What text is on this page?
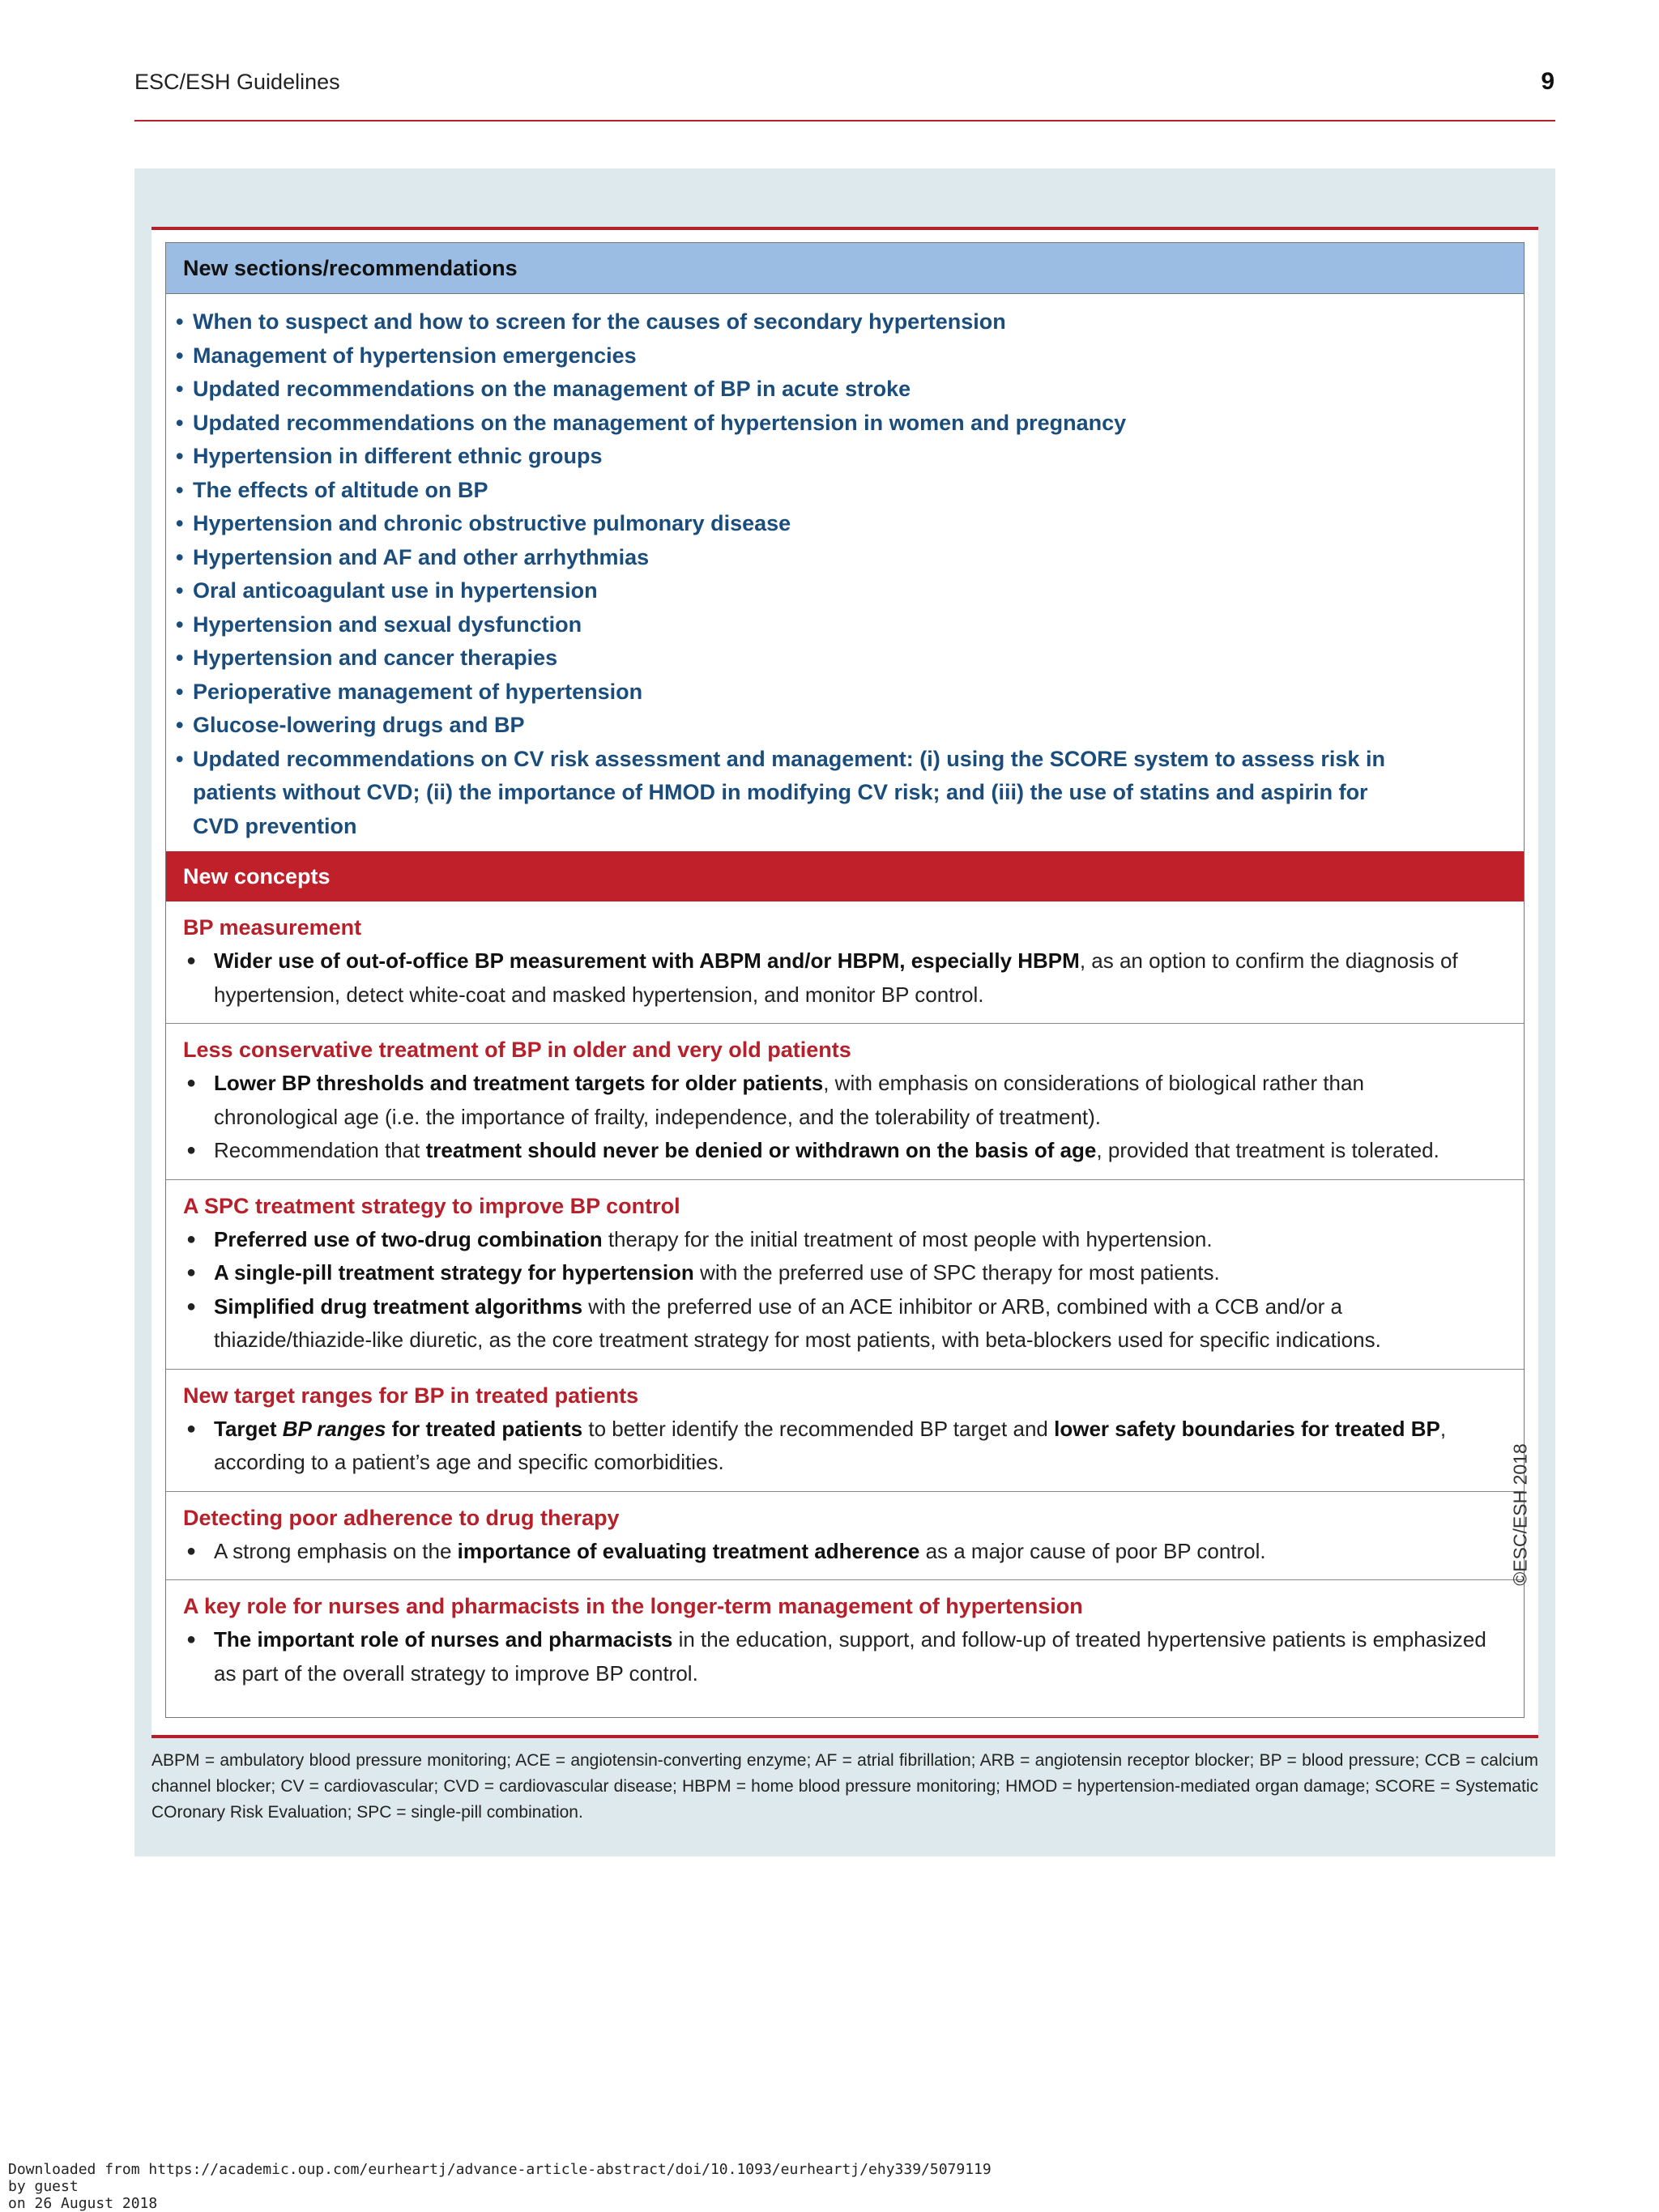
ESC/ESH Guidelines	9
New sections/recommendations
• When to suspect and how to screen for the causes of secondary hypertension
• Management of hypertension emergencies
• Updated recommendations on the management of BP in acute stroke
• Updated recommendations on the management of hypertension in women and pregnancy
• Hypertension in different ethnic groups
• The effects of altitude on BP
• Hypertension and chronic obstructive pulmonary disease
• Hypertension and AF and other arrhythmias
• Oral anticoagulant use in hypertension
• Hypertension and sexual dysfunction
• Hypertension and cancer therapies
• Perioperative management of hypertension
• Glucose-lowering drugs and BP
• Updated recommendations on CV risk assessment and management: (i) using the SCORE system to assess risk in patients without CVD; (ii) the importance of HMOD in modifying CV risk; and (iii) the use of statins and aspirin for CVD prevention
New concepts
BP measurement
● Wider use of out-of-office BP measurement with ABPM and/or HBPM, especially HBPM, as an option to confirm the diagnosis of hypertension, detect white-coat and masked hypertension, and monitor BP control.
Less conservative treatment of BP in older and very old patients
● Lower BP thresholds and treatment targets for older patients, with emphasis on considerations of biological rather than chronological age (i.e. the importance of frailty, independence, and the tolerability of treatment).
● Recommendation that treatment should never be denied or withdrawn on the basis of age, provided that treatment is tolerated.
A SPC treatment strategy to improve BP control
● Preferred use of two-drug combination therapy for the initial treatment of most people with hypertension.
● A single-pill treatment strategy for hypertension with the preferred use of SPC therapy for most patients.
● Simplified drug treatment algorithms with the preferred use of an ACE inhibitor or ARB, combined with a CCB and/or a thiazide/thiazide-like diuretic, as the core treatment strategy for most patients, with beta-blockers used for specific indications.
New target ranges for BP in treated patients
● Target BP ranges for treated patients to better identify the recommended BP target and lower safety boundaries for treated BP, according to a patient’s age and specific comorbidities.
Detecting poor adherence to drug therapy
● A strong emphasis on the importance of evaluating treatment adherence as a major cause of poor BP control.
A key role for nurses and pharmacists in the longer-term management of hypertension
● The important role of nurses and pharmacists in the education, support, and follow-up of treated hypertensive patients is emphasized as part of the overall strategy to improve BP control.
ABPM = ambulatory blood pressure monitoring; ACE = angiotensin-converting enzyme; AF = atrial fibrillation; ARB = angiotensin receptor blocker; BP = blood pressure; CCB = calcium channel blocker; CV = cardiovascular; CVD = cardiovascular disease; HBPM = home blood pressure monitoring; HMOD = hypertension-mediated organ damage; SCORE = Systematic COronary Risk Evaluation; SPC = single-pill combination.
©ESC/ESH 2018
Downloaded from https://academic.oup.com/eurheartj/advance-article-abstract/doi/10.1093/eurheartj/ehy339/5079119
by guest
on 26 August 2018
